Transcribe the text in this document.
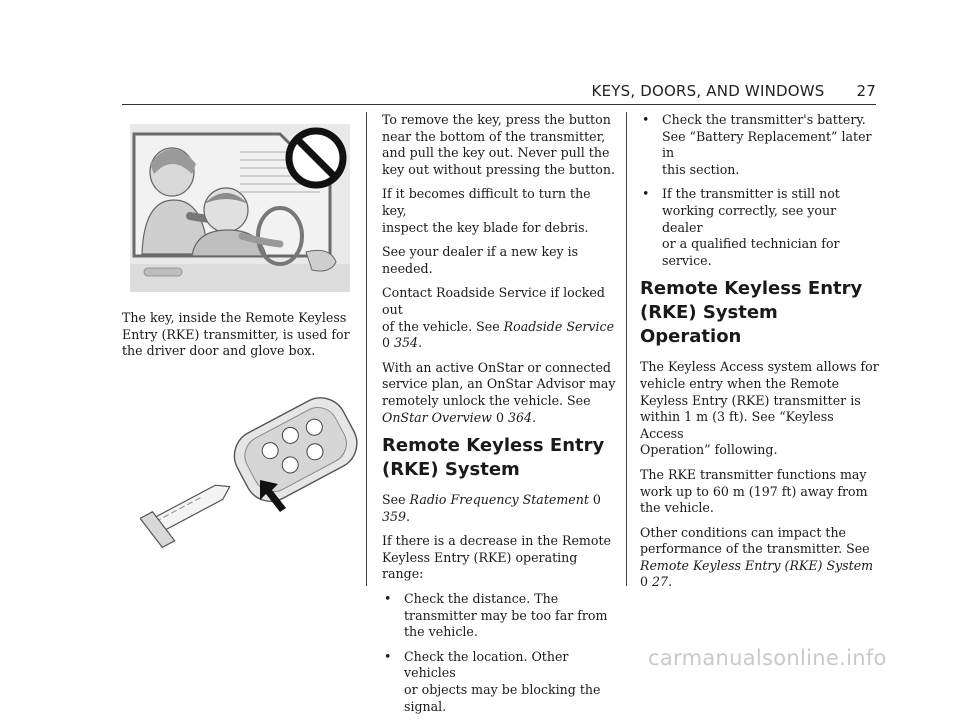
KEYS, DOORS, AND WINDOWS 27

The key, inside the Remote Keyless
Entry (RKE) transmitter, is used for
the driver door and glove box.

To remove the key, press the button
near the bottom of the transmitter,
and pull the key out. Never pull the
key out without pressing the button.

If it becomes difficult to turn the key,
inspect the key blade for debris.

See your dealer if a new key is needed.

Contact Roadside Service if locked out
of the vehicle. See Roadside Service
0 354.

With an active OnStar or connected
service plan, an OnStar Advisor may
remotely unlock the vehicle. See
OnStar Overview 0 364.

Remote Keyless Entry
(RKE) System

See Radio Frequency Statement 0 359.

If there is a decrease in the Remote
Keyless Entry (RKE) operating range:

• Check the distance. The
transmitter may be too far from
the vehicle.
• Check the location. Other vehicles
or objects may be blocking the
signal.
• Check the transmitter's battery.
See “Battery Replacement” later in
this section.
• If the transmitter is still not
working correctly, see your dealer
or a qualified technician for
service.
Remote Keyless Entry
(RKE) System Operation

The Keyless Access system allows for
vehicle entry when the Remote
Keyless Entry (RKE) transmitter is
within 1 m (3 ft). See “Keyless Access
Operation” following.

The RKE transmitter functions may
work up to 60 m (197 ft) away from
the vehicle.

Other conditions can impact the
performance of the transmitter. See
Remote Keyless Entry (RKE) System
0 27.

carmanualsonline.info
